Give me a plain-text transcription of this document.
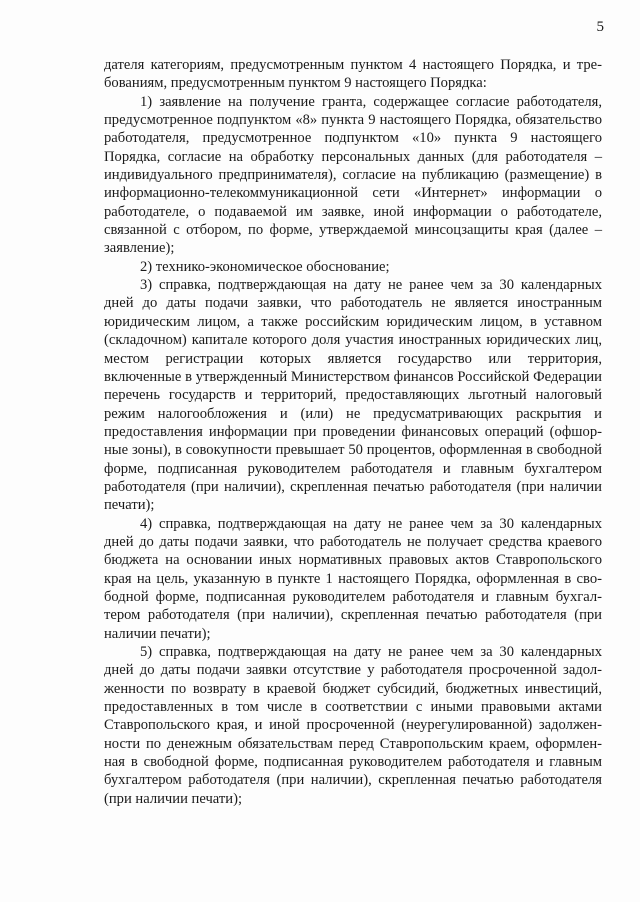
5

дателя категориям, предусмотренным пунктом 4 настоящего Порядка, и требованиям, предусмотренным пунктом 9 настоящего Порядка:

1) заявление на получение гранта, содержащее согласие работодателя, предусмотренное подпунктом «8» пункта 9 настоящего Порядка, обязательство работодателя, предусмотренное подпунктом «10» пункта 9 настоящего Порядка, согласие на обработку персональных данных (для работодателя – индивидуального предпринимателя), согласие на публикацию (размещение) в информационно-телекоммуникационной сети «Интернет» информации о работодателе, о подаваемой им заявке, иной информации о работодателе, связанной с отбором, по форме, утверждаемой минсоцзащиты края (далее – заявление);

2) технико-экономическое обоснование;

3) справка, подтверждающая на дату не ранее чем за 30 календарных дней до даты подачи заявки, что работодатель не является иностранным юридическим лицом, а также российским юридическим лицом, в уставном (складочном) капитале которого доля участия иностранных юридических лиц, местом регистрации которых является государство или территория, включенные в утвержденный Министерством финансов Российской Федерации перечень государств и территорий, предоставляющих льготный налоговый режим налогообложения и (или) не предусматривающих раскрытия и предоставления информации при проведении финансовых операций (офшорные зоны), в совокупности превышает 50 процентов, оформленная в свободной форме, подписанная руководителем работодателя и главным бухгалтером работодателя (при наличии), скрепленная печатью работодателя (при наличии печати);

4) справка, подтверждающая на дату не ранее чем за 30 календарных дней до даты подачи заявки, что работодатель не получает средства краевого бюджета на основании иных нормативных правовых актов Ставропольского края на цель, указанную в пункте 1 настоящего Порядка, оформленная в свободной форме, подписанная руководителем работодателя и главным бухгалтером работодателя (при наличии), скрепленная печатью работодателя (при наличии печати);

5) справка, подтверждающая на дату не ранее чем за 30 календарных дней до даты подачи заявки отсутствие у работодателя просроченной задолженности по возврату в краевой бюджет субсидий, бюджетных инвестиций, предоставленных в том числе в соответствии с иными правовыми актами Ставропольского края, и иной просроченной (неурегулированной) задолженности по денежным обязательствам перед Ставропольским краем, оформленная в свободной форме, подписанная руководителем работодателя и главным бухгалтером работодателя (при наличии), скрепленная печатью работодателя (при наличии печати);
